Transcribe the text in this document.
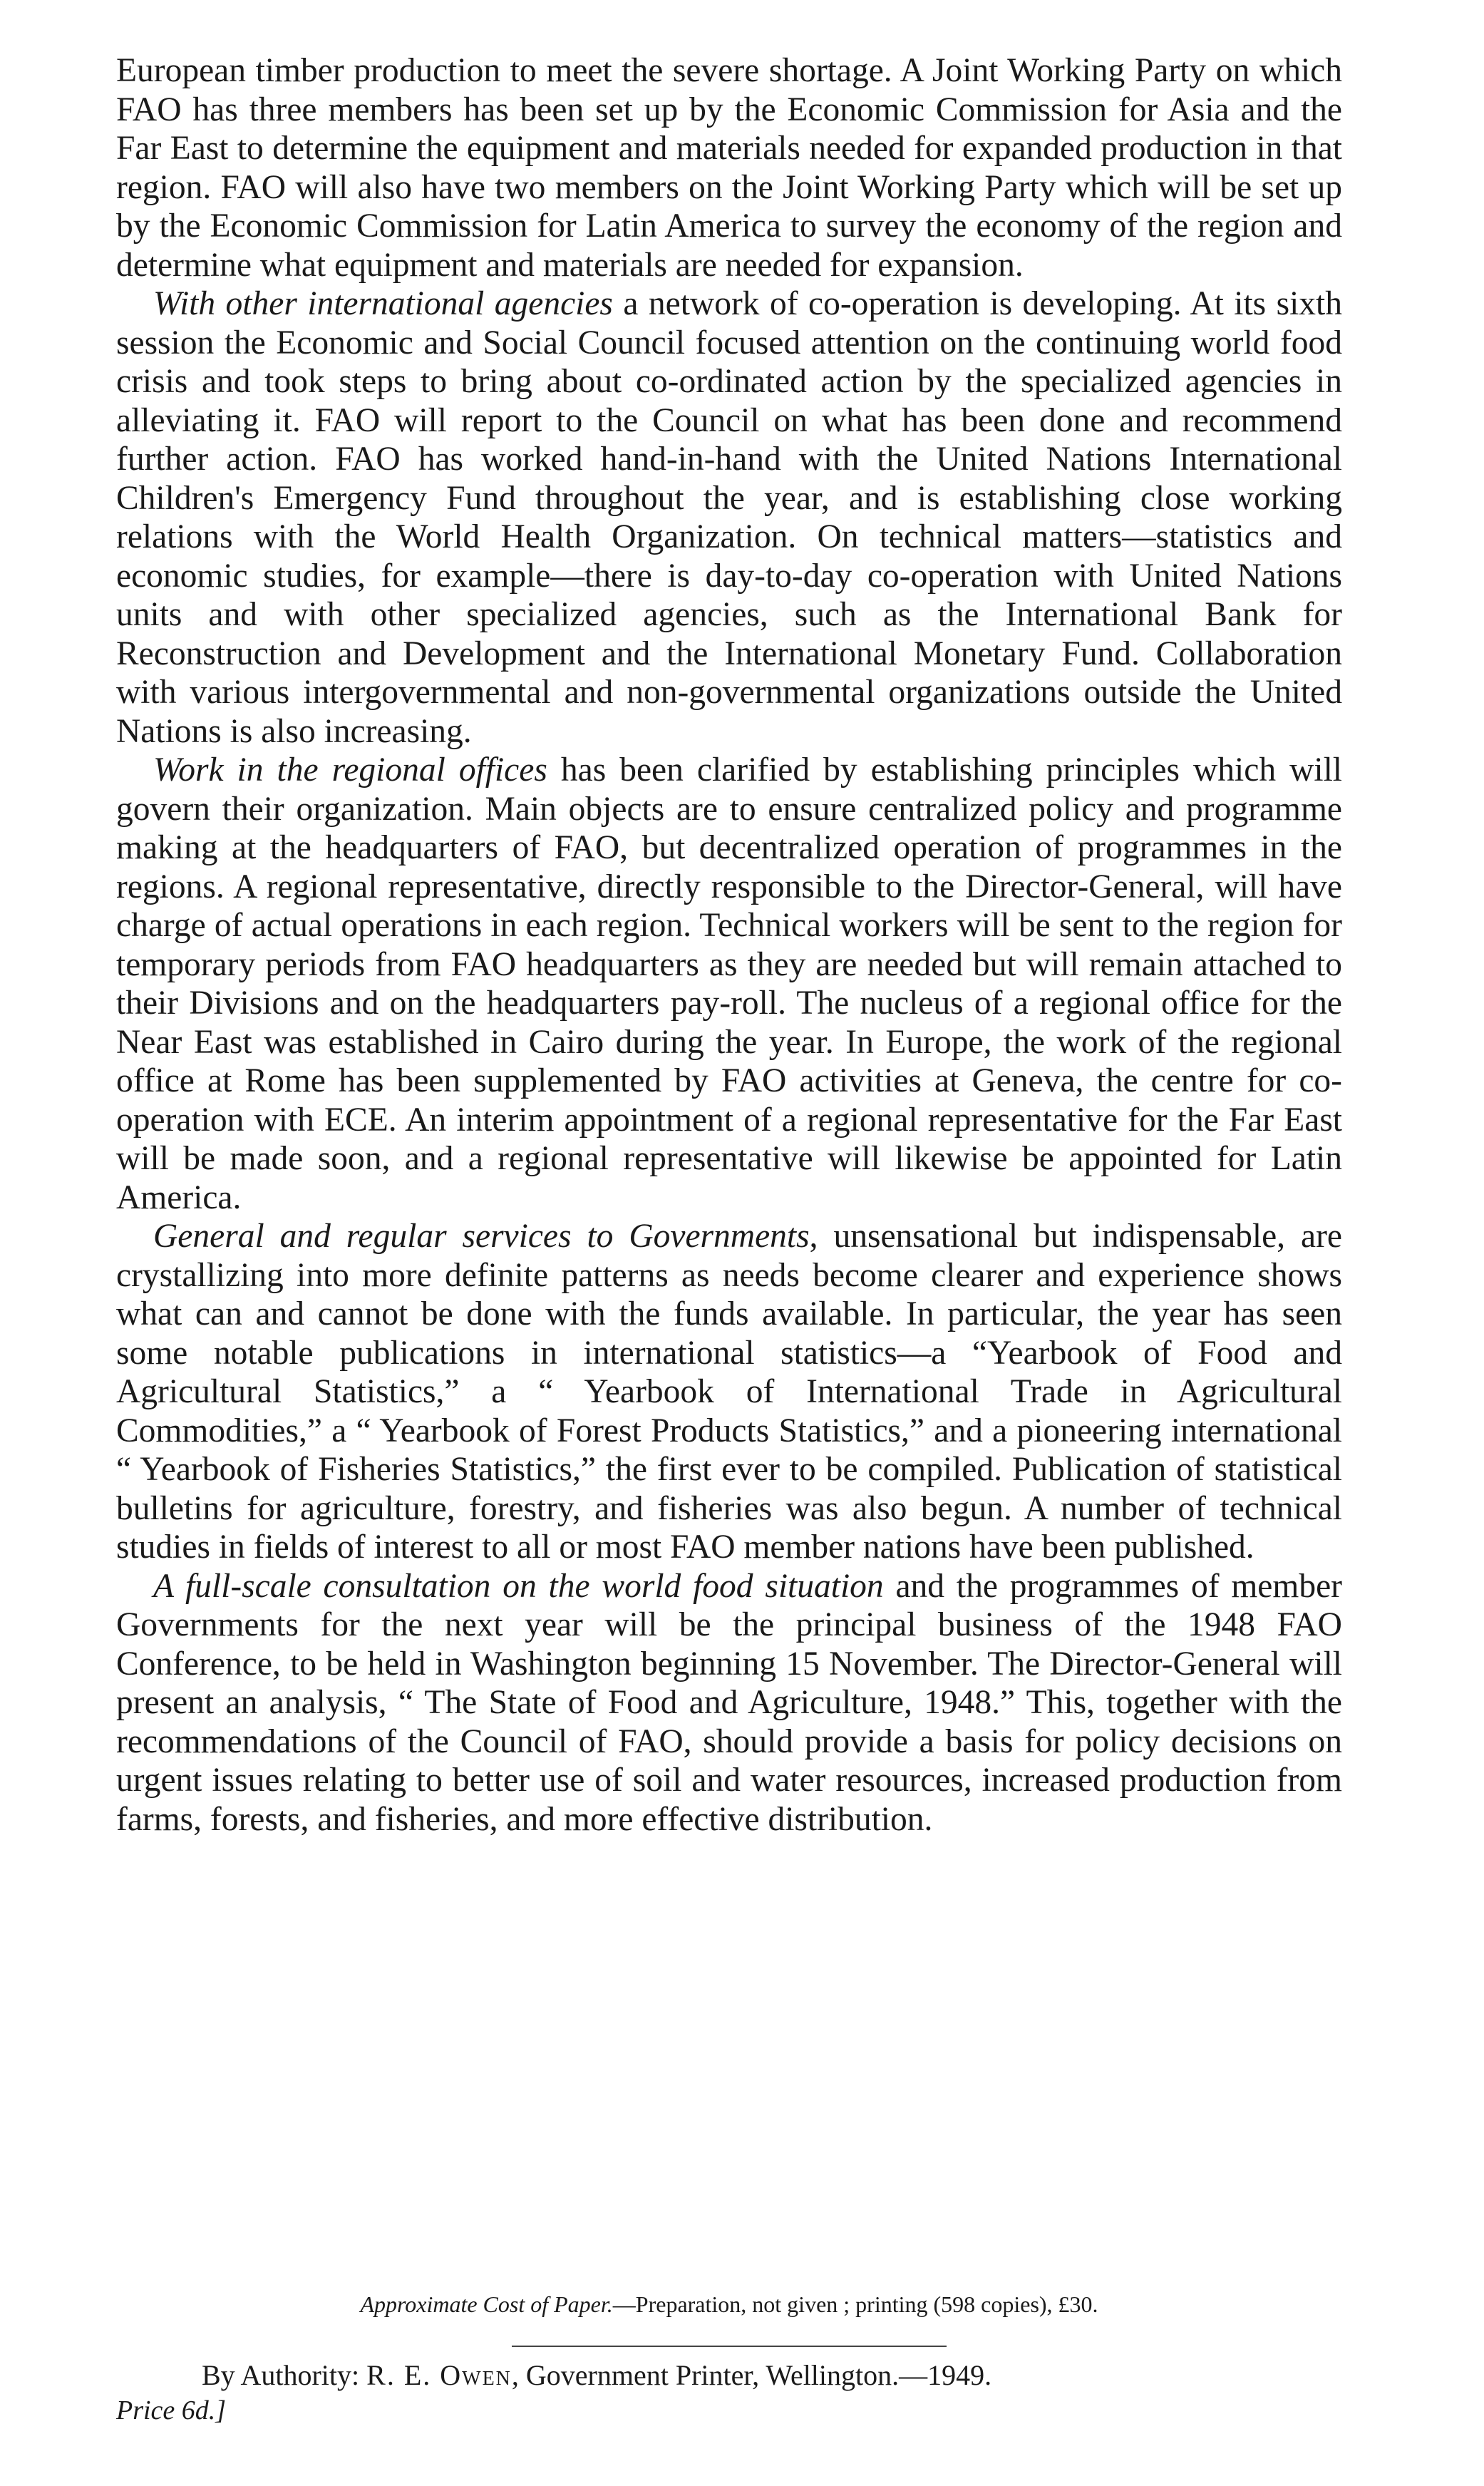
European timber production to meet the severe shortage. A Joint Working Party on which FAO has three members has been set up by the Economic Commission for Asia and the Far East to determine the equipment and materials needed for expanded production in that region. FAO will also have two members on the Joint Working Party which will be set up by the Economic Commission for Latin America to survey the economy of the region and determine what equipment and materials are needed for expansion.

With other international agencies a network of co-operation is developing. At its sixth session the Economic and Social Council focused attention on the continuing world food crisis and took steps to bring about co-ordinated action by the specialized agencies in alleviating it. FAO will report to the Council on what has been done and recommend further action. FAO has worked hand-in-hand with the United Nations International Children's Emergency Fund throughout the year, and is establishing close working relations with the World Health Organization. On technical matters—statistics and economic studies, for example—there is day-to-day co-operation with United Nations units and with other specialized agencies, such as the International Bank for Reconstruction and Development and the International Monetary Fund. Collaboration with various intergovernmental and non-governmental organizations outside the United Nations is also increasing.

Work in the regional offices has been clarified by establishing principles which will govern their organization. Main objects are to ensure centralized policy and programme making at the headquarters of FAO, but decentralized operation of programmes in the regions. A regional representative, directly responsible to the Director-General, will have charge of actual operations in each region. Technical workers will be sent to the region for temporary periods from FAO headquarters as they are needed but will remain attached to their Divisions and on the headquarters pay-roll. The nucleus of a regional office for the Near East was established in Cairo during the year. In Europe, the work of the regional office at Rome has been supplemented by FAO activities at Geneva, the centre for co-operation with ECE. An interim appointment of a regional representative for the Far East will be made soon, and a regional representative will likewise be appointed for Latin America.

General and regular services to Governments, unsensational but indispensable, are crystallizing into more definite patterns as needs become clearer and experience shows what can and cannot be done with the funds available. In particular, the year has seen some notable publications in international statistics—a “Yearbook of Food and Agricultural Statistics,” a “ Yearbook of International Trade in Agricultural Commodities,” a “ Yearbook of Forest Products Statistics,” and a pioneering international “ Yearbook of Fisheries Statistics,” the first ever to be compiled. Publication of statistical bulletins for agriculture, forestry, and fisheries was also begun. A number of technical studies in fields of interest to all or most FAO member nations have been published.

A full-scale consultation on the world food situation and the programmes of member Governments for the next year will be the principal business of the 1948 FAO Conference, to be held in Washington beginning 15 November. The Director-General will present an analysis, “ The State of Food and Agriculture, 1948.” This, together with the recommendations of the Council of FAO, should provide a basis for policy decisions on urgent issues relating to better use of soil and water resources, increased production from farms, forests, and fisheries, and more effective distribution.

Approximate Cost of Paper.—Preparation, not given ; printing (598 copies), £30.
By Authority: R. E. Owen, Government Printer, Wellington.—1949.
Price 6d.]
